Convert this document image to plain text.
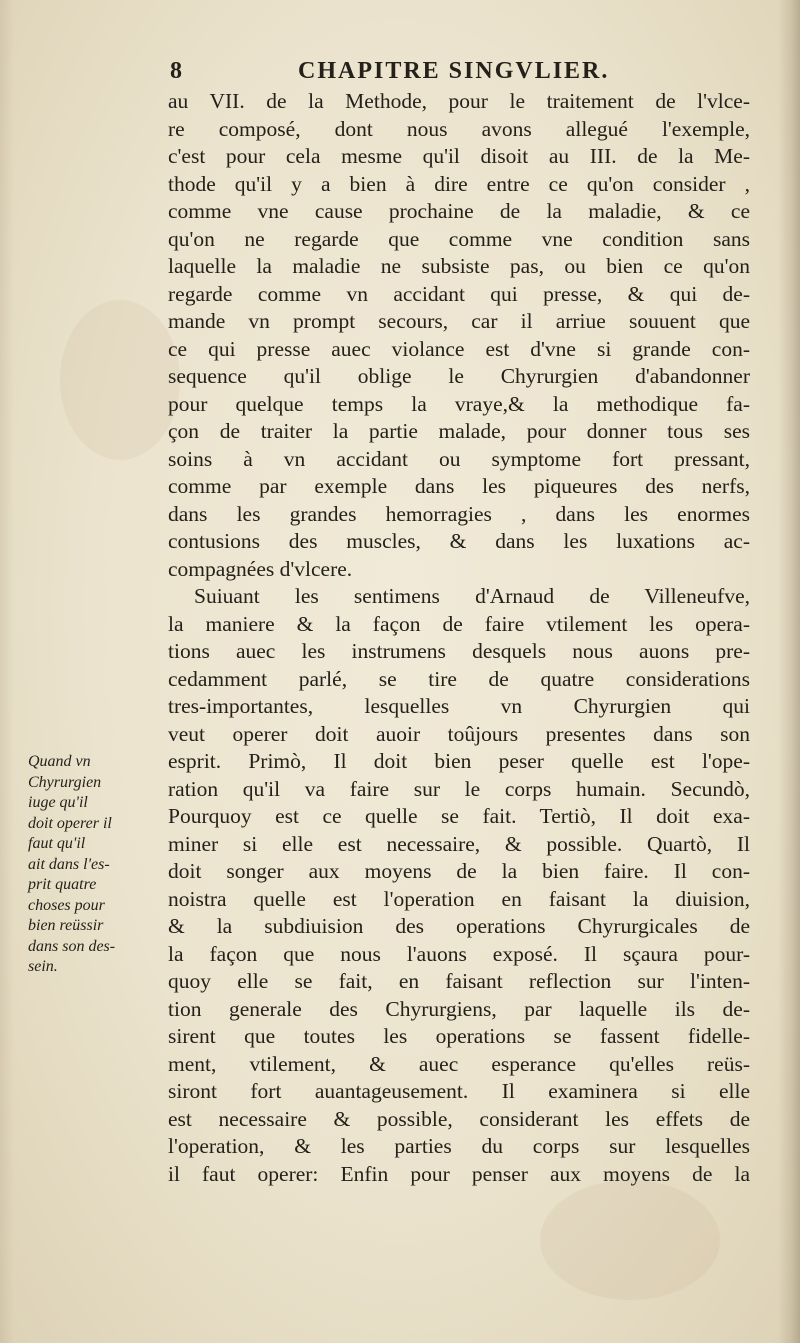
8	CHAPITRE SINGVLIER.
au VII. de la Methode, pour le traitement de l'vlce-
re composé, dont nous avons allegué l'exemple,
c'est pour cela mesme qu'il disoit au III. de la Me-
thode qu'il y a bien à dire entre ce qu'on consider ,
comme vne cause prochaine de la maladie, & ce
qu'on ne regarde que comme vne condition sans
laquelle la maladie ne subsiste pas, ou bien ce qu'on
regarde comme vn accidant qui presse, & qui de-
mande vn prompt secours, car il arriue souuent que
ce qui presse auec violance est d'vne si grande con-
sequence qu'il oblige le Chyrurgien d'abandonner
pour quelque temps la vraye,& la methodique fa-
çon de traiter la partie malade, pour donner tous ses
soins à vn accidant ou symptome fort pressant,
comme par exemple dans les piqueures des nerfs,
dans les grandes hemorragies , dans les enormes
contusions des muscles, & dans les luxations ac-
compagnées d'vlcere.
Suiuant les sentimens d'Arnaud de Villeneufve,
la maniere & la façon de faire vtilement les opera-
tions auec les instrumens desquels nous auons pre-
cedamment parlé, se tire de quatre considerations
tres-importantes, lesquelles vn Chyrurgien qui
veut operer doit auoir toûjours presentes dans son
esprit. Primò, Il doit bien peser quelle est l'ope-
ration qu'il va faire sur le corps humain. Secundò,
Pourquoy est ce quelle se fait. Tertiò, Il doit exa-
miner si elle est necessaire, & possible. Quartò, Il
doit songer aux moyens de la bien faire. Il con-
noistra quelle est l'operation en faisant la diuision,
& la subdiuision des operations Chyrurgicales de
la façon que nous l'auons exposé. Il sçaura pour-
quoy elle se fait, en faisant reflection sur l'inten-
tion generale des Chyrurgiens, par laquelle ils de-
sirent que toutes les operations se fassent fidelle-
ment, vtilement, & auec esperance qu'elles reüs-
siront fort auantageusement. Il examinera si elle
est necessaire & possible, considerant les effets de
l'operation, & les parties du corps sur lesquelles
il faut operer: Enfin pour penser aux moyens de la
Quand vn
Chyrurgien
iuge qu'il
doit operer il
faut qu'il
ait dans l'es-
prit quatre
choses pour
bien reüssir
dans son des-
sein.
